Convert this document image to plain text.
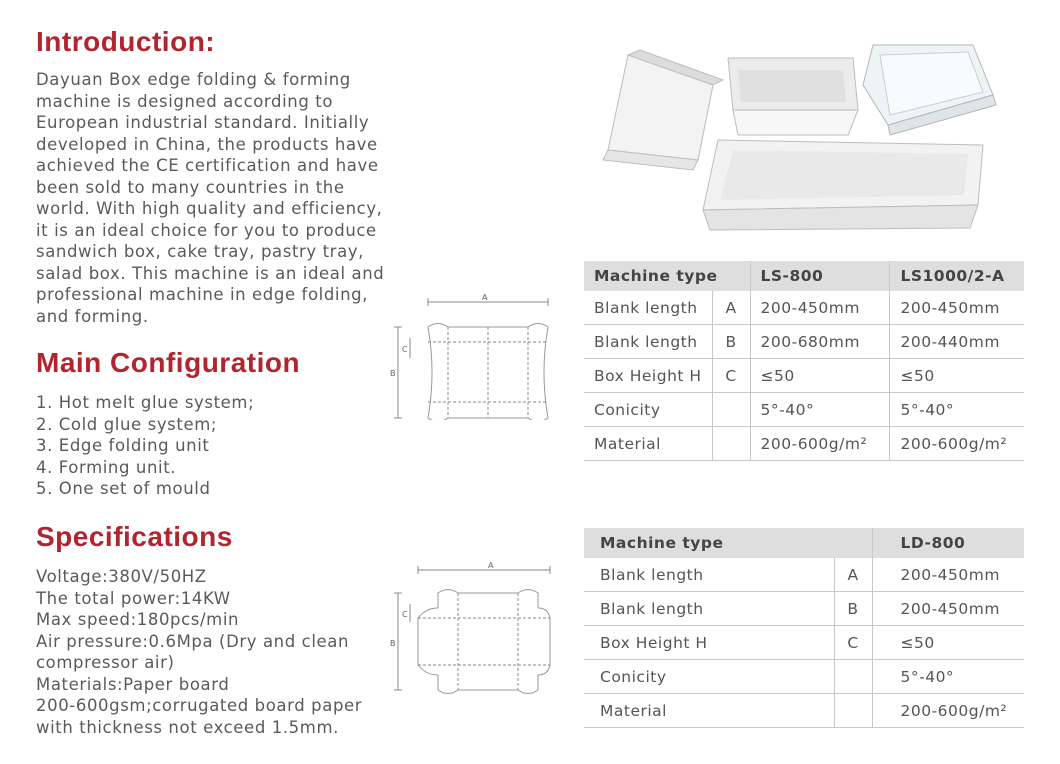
Introduction:
Dayuan Box edge folding & forming
machine is designed according to
European industrial standard. Initially
developed in China, the products have
achieved the CE certification and have
been sold to many countries in the
world. With high quality and efficiency,
it is an ideal choice for you to produce
sandwich box, cake tray, pastry tray,
salad box. This machine is an ideal and
professional machine in edge folding,
and forming.
Main Configuration
1. Hot melt glue system;
2. Cold glue system;
3. Edge folding unit
4. Forming unit.
5. One set of mould
Specifications
Voltage:380V/50HZ
The total power:14KW
Max speed:180pcs/min
Air pressure:0.6Mpa (Dry and clean
compressor air)
Materials:Paper board
200-600gsm;corrugated board paper
with thickness not exceed 1.5mm.
A
B
C
A
B
C
Machine type		LS-800	LS1000/2-A
Blank length	A	200-450mm	200-450mm
Blank length	B	200-680mm	200-440mm
Box Height H	C	≤50	≤50
Conicity		5°-40°	5°-40°
Material		200-600g/m²	200-600g/m²
Machine type		LD-800
Blank length	A	200-450mm
Blank length	B	200-450mm
Box Height H	C	≤50
Conicity		5°-40°
Material		200-600g/m²
